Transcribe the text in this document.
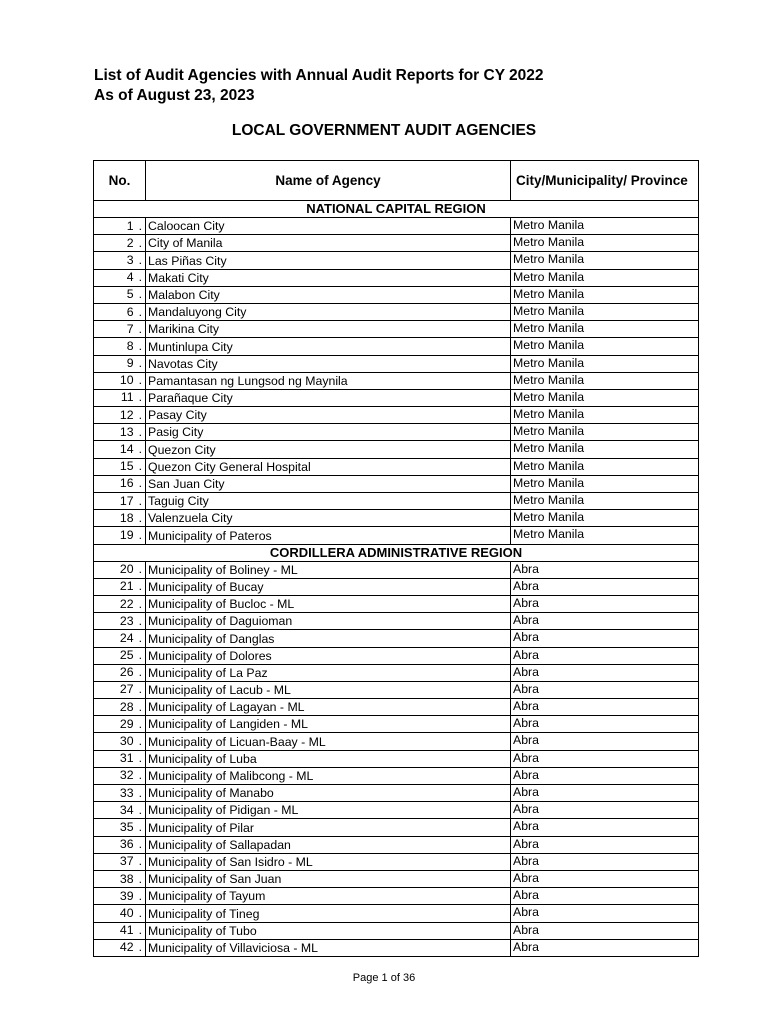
List of Audit Agencies with Annual Audit Reports for CY 2022
As of August 23, 2023
LOCAL GOVERNMENT AUDIT AGENCIES
No.	Name of Agency	City/Municipality/ Province
NATIONAL CAPITAL REGION		
1 .	Caloocan City	Metro Manila
2 .	City of Manila	Metro Manila
3 .	Las Piñas City	Metro Manila
4 .	Makati City	Metro Manila
5 .	Malabon City	Metro Manila
6 .	Mandaluyong City	Metro Manila
7 .	Marikina City	Metro Manila
8 .	Muntinlupa City	Metro Manila
9 .	Navotas City	Metro Manila
10 .	Pamantasan ng Lungsod ng Maynila	Metro Manila
11 .	Parañaque City	Metro Manila
12 .	Pasay City	Metro Manila
13 .	Pasig City	Metro Manila
14 .	Quezon City	Metro Manila
15 .	Quezon City General Hospital	Metro Manila
16 .	San Juan City	Metro Manila
17 .	Taguig City	Metro Manila
18 .	Valenzuela City	Metro Manila
19 .	Municipality of Pateros	Metro Manila
CORDILLERA ADMINISTRATIVE REGION		
20 .	Municipality of Boliney - ML	Abra
21 .	Municipality of Bucay	Abra
22 .	Municipality of Bucloc - ML	Abra
23 .	Municipality of Daguioman	Abra
24 .	Municipality of Danglas	Abra
25 .	Municipality of Dolores	Abra
26 .	Municipality of La Paz	Abra
27 .	Municipality of Lacub - ML	Abra
28 .	Municipality of Lagayan - ML	Abra
29 .	Municipality of Langiden - ML	Abra
30 .	Municipality of Licuan-Baay - ML	Abra
31 .	Municipality of Luba	Abra
32 .	Municipality of Malibcong - ML	Abra
33 .	Municipality of Manabo	Abra
34 .	Municipality of Pidigan - ML	Abra
35 .	Municipality of Pilar	Abra
36 .	Municipality of Sallapadan	Abra
37 .	Municipality of San Isidro - ML	Abra
38 .	Municipality of San Juan	Abra
39 .	Municipality of Tayum	Abra
40 .	Municipality of Tineg	Abra
41 .	Municipality of Tubo	Abra
42 .	Municipality of Villaviciosa - ML	Abra
Page 1 of 36
